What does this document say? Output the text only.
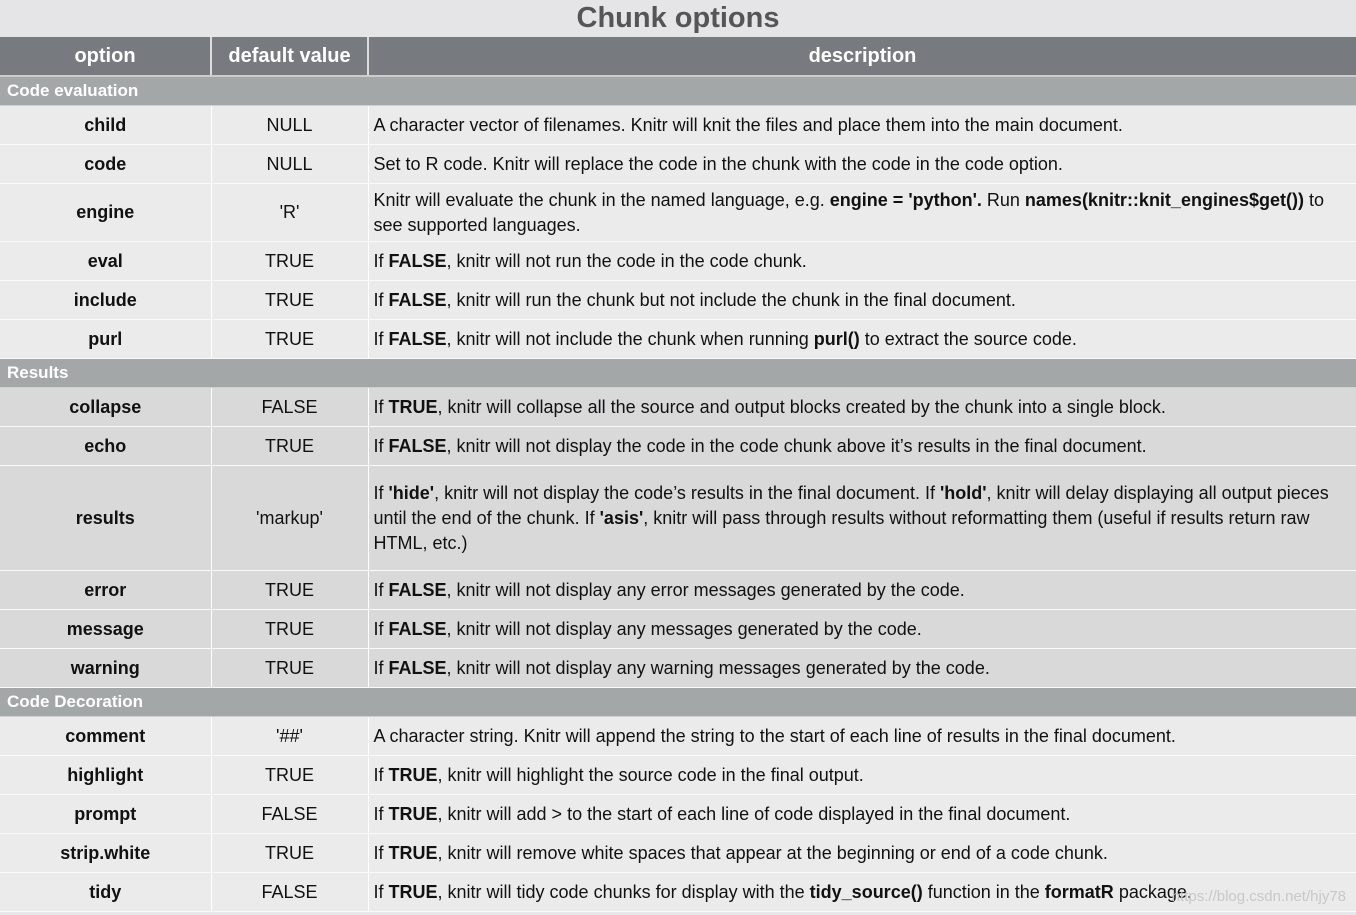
Chunk options
option	default value	description
Code evaluation		
child	NULL	A character vector of filenames. Knitr will knit the files and place them into the main document.
code	NULL	Set to R code. Knitr will replace the code in the chunk with the code in the code option.
engine	'R'	Knitr will evaluate the chunk in the named language, e.g. engine = 'python'. Run names(knitr::knit_engines$get()) to see supported languages.
eval	TRUE	If FALSE, knitr will not run the code in the code chunk.
include	TRUE	If FALSE, knitr will run the chunk but not include the chunk in the final document.
purl	TRUE	If FALSE, knitr will not include the chunk when running purl() to extract the source code.
Results		
collapse	FALSE	If TRUE, knitr will collapse all the source and output blocks created by the chunk into a single block.
echo	TRUE	If FALSE, knitr will not display the code in the code chunk above it’s results in the final document.
results	'markup'	If 'hide', knitr will not display the code’s results in the final document. If 'hold', knitr will delay displaying all output pieces until the end of the chunk. If 'asis', knitr will pass through results without reformatting them (useful if results return raw HTML, etc.)
error	TRUE	If FALSE, knitr will not display any error messages generated by the code.
message	TRUE	If FALSE, knitr will not display any messages generated by the code.
warning	TRUE	If FALSE, knitr will not display any warning messages generated by the code.
Code Decoration		
comment	'##'	A character string. Knitr will append the string to the start of each line of results in the final document.
highlight	TRUE	If TRUE, knitr will highlight the source code in the final output.
prompt	FALSE	If TRUE, knitr will add > to the start of each line of code displayed in the final document.
strip.white	TRUE	If TRUE, knitr will remove white spaces that appear at the beginning or end of a code chunk.
tidy	FALSE	If TRUE, knitr will tidy code chunks for display with the tidy_source() function in the formatR package.
https://blog.csdn.net/hjy78
